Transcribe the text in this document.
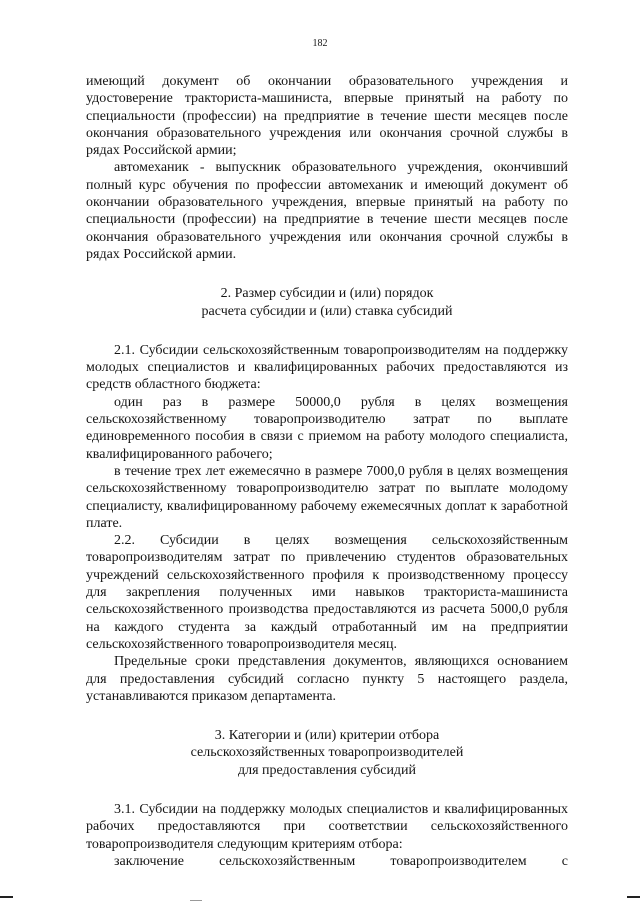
182

имеющий документ об окончании образовательного учреждения и удостоверение тракториста-машиниста, впервые принятый на работу по специальности (профессии) на предприятие в течение шести месяцев после окончания образовательного учреждения или окончания срочной службы в рядах Российской армии;

автомеханик - выпускник образовательного учреждения, окончивший полный курс обучения по профессии автомеханик и имеющий документ об окончании образовательного учреждения, впервые принятый на работу по специальности (профессии) на предприятие в течение шести месяцев после окончания образовательного учреждения или окончания срочной службы в рядах Российской армии.

2. Размер субсидии и (или) порядок
расчета субсидии и (или) ставка субсидий

2.1. Субсидии сельскохозяйственным товаропроизводителям на поддержку молодых специалистов и квалифицированных рабочих предоставляются из средств областного бюджета:

один раз в размере 50000,0 рубля в целях возмещения сельскохозяйственному товаропроизводителю затрат по выплате единовременного пособия в связи с приемом на работу молодого специалиста, квалифицированного рабочего;

в течение трех лет ежемесячно в размере 7000,0 рубля в целях возмещения сельскохозяйственному товаропроизводителю затрат по выплате молодому специалисту, квалифицированному рабочему ежемесячных доплат к заработной плате.

2.2. Субсидии в целях возмещения сельскохозяйственным товаропроизводителям затрат по привлечению студентов образовательных учреждений сельскохозяйственного профиля к производственному процессу для закрепления полученных ими навыков тракториста-машиниста сельскохозяйственного производства предоставляются из расчета 5000,0 рубля на каждого студента за каждый отработанный им на предприятии сельскохозяйственного товаропроизводителя месяц.

Предельные сроки представления документов, являющихся основанием для предоставления субсидий согласно пункту 5 настоящего раздела, устанавливаются приказом департамента.

3. Категории и (или) критерии отбора
сельскохозяйственных товаропроизводителей
для предоставления субсидий

3.1. Субсидии на поддержку молодых специалистов и квалифицированных рабочих предоставляются при соответствии сельскохозяйственного товаропроизводителя следующим критериям отбора:

заключение сельскохозяйственным товаропроизводителем с
